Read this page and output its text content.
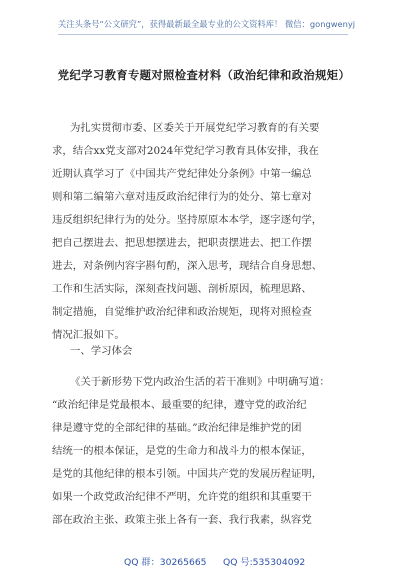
关注头条号“公文研究”，获得最新最全最专业的公文资料库！ 微信：gongwenyj
党纪学习教育专题对照检查材料（政治纪律和政治规矩）
为扎实贯彻市委、区委关于开展党纪学习教育的有关要
求，结合xx党支部对2024年党纪学习教育具体安排，我在
近期认真学习了《中国共产党纪律处分条例》中第一编总
则和第二编第六章对违反政治纪律行为的处分、第七章对
违反组织纪律行为的处分。坚持原原本本学，逐字逐句学，
把自己摆进去、把思想摆进去，把职责摆进去、把工作摆
进去，对条例内容字斟句酌，深入思考，现结合自身思想、
工作和生活实际，深刻查找问题、剖析原因，梳理思路、
制定措施，自觉维护政治纪律和政治规矩，现将对照检查
情况汇报如下。
一、学习体会
《关于新形势下党内政治生活的若干准则》中明确写道：
“政治纪律是党最根本、最重要的纪律，遵守党的政治纪
律是遵守党的全部纪律的基础。”政治纪律是维护党的团
结统一的根本保证，是党的生命力和战斗力的根本保证，
是党的其他纪律的根本引领。中国共产党的发展历程证明，
如果一个政党政治纪律不严明，允许党的组织和其重要干
部在政治主张、政策主张上各有一套、我行我素，纵容党
QQ 群：30265665 QQ 号:535304092
